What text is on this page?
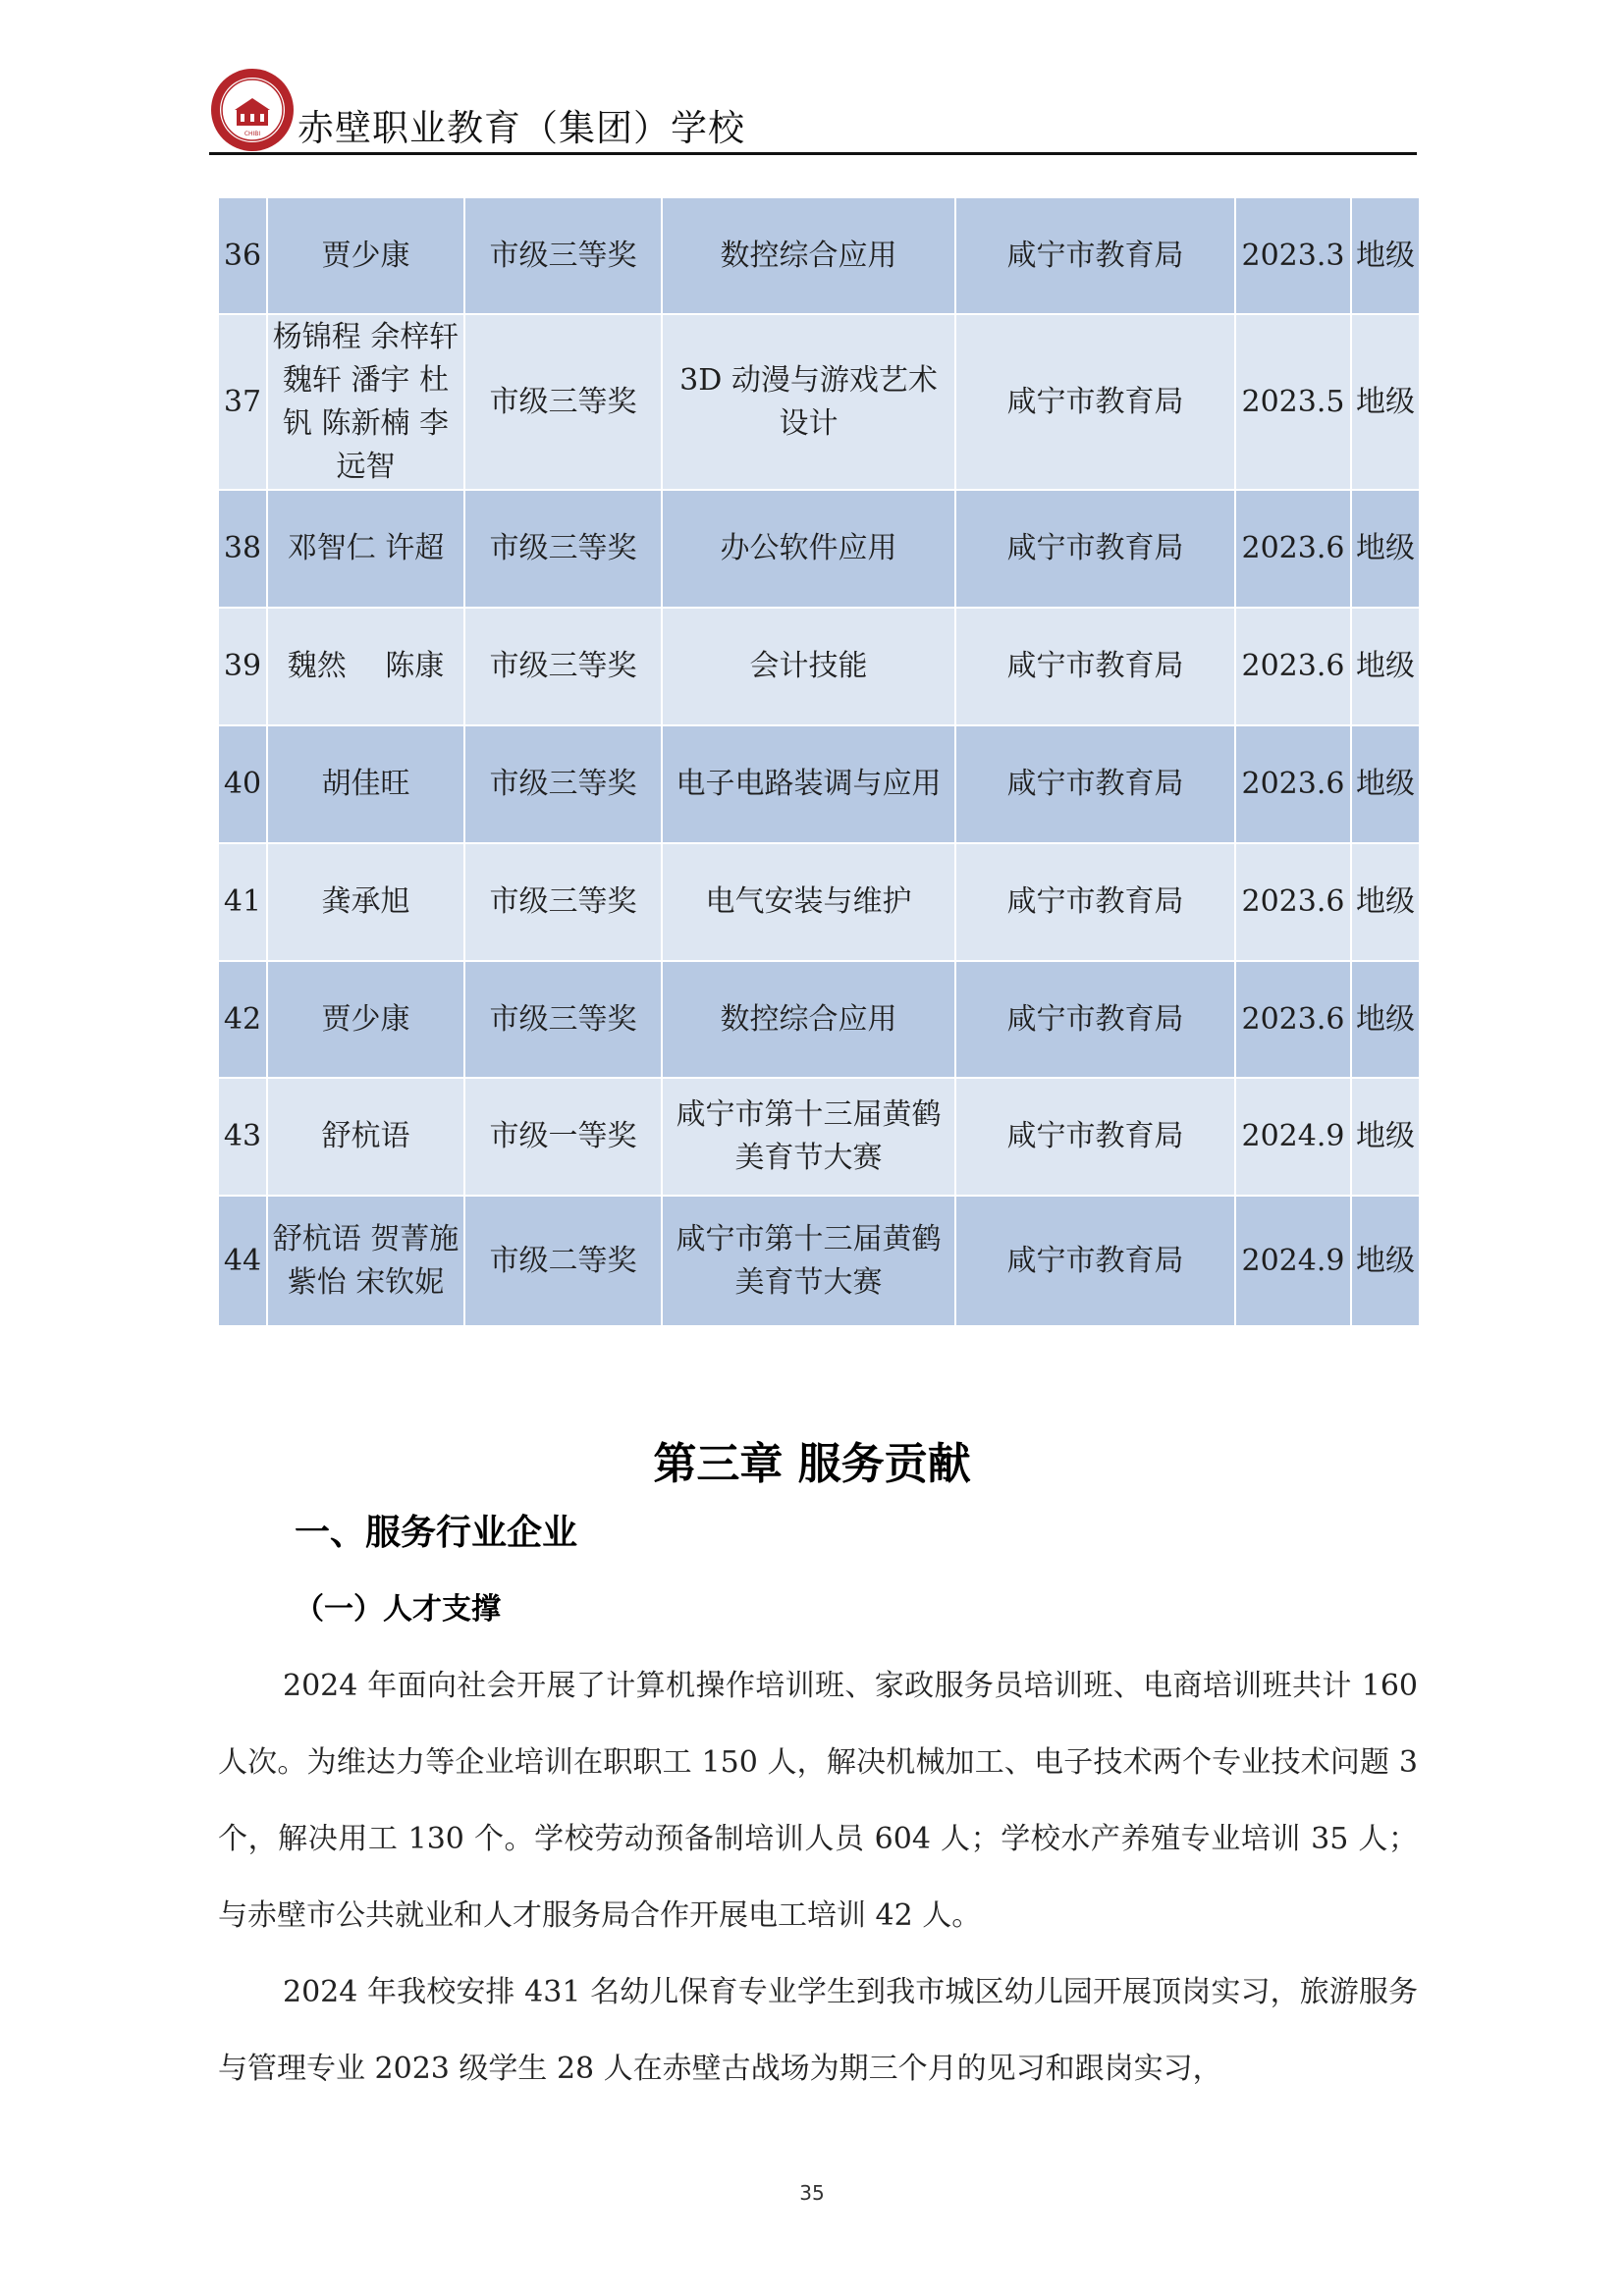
CHIBI 赤壁职业教育（集团）学校
36	贾少康	市级三等奖	数控综合应用	咸宁市教育局	2023.3	地级
37	杨锦程 余梓轩 魏轩 潘宇 杜钒 陈新楠 李远智	市级三等奖	3D 动漫与游戏艺术设计	咸宁市教育局	2023.5	地级
38	邓智仁 许超	市级三等奖	办公软件应用	咸宁市教育局	2023.6	地级
39	魏然　 陈康	市级三等奖	会计技能	咸宁市教育局	2023.6	地级
40	胡佳旺	市级三等奖	电子电路装调与应用	咸宁市教育局	2023.6	地级
41	龚承旭	市级三等奖	电气安装与维护	咸宁市教育局	2023.6	地级
42	贾少康	市级三等奖	数控综合应用	咸宁市教育局	2023.6	地级
43	舒杭语	市级一等奖	咸宁市第十三届黄鹤美育节大赛	咸宁市教育局	2024.9	地级
44	舒杭语 贺菁施紫怡 宋钦妮	市级二等奖	咸宁市第十三届黄鹤美育节大赛	咸宁市教育局	2024.9	地级
第三章 服务贡献
一、服务行业企业
（一）人才支撑

2024 年面向社会开展了计算机操作培训班、家政服务员培训班、电商培训班共计 160 人次。为维达力等企业培训在职职工 150 人，解决机械加工、电子技术两个专业技术问题 3 个，解决用工 130 个。学校劳动预备制培训人员 604 人；学校水产养殖专业培训 35 人；与赤壁市公共就业和人才服务局合作开展电工培训 42 人。

2024 年我校安排 431 名幼儿保育专业学生到我市城区幼儿园开展顶岗实习，旅游服务与管理专业 2023 级学生 28 人在赤壁古战场为期三个月的见习和跟岗实习，

35
